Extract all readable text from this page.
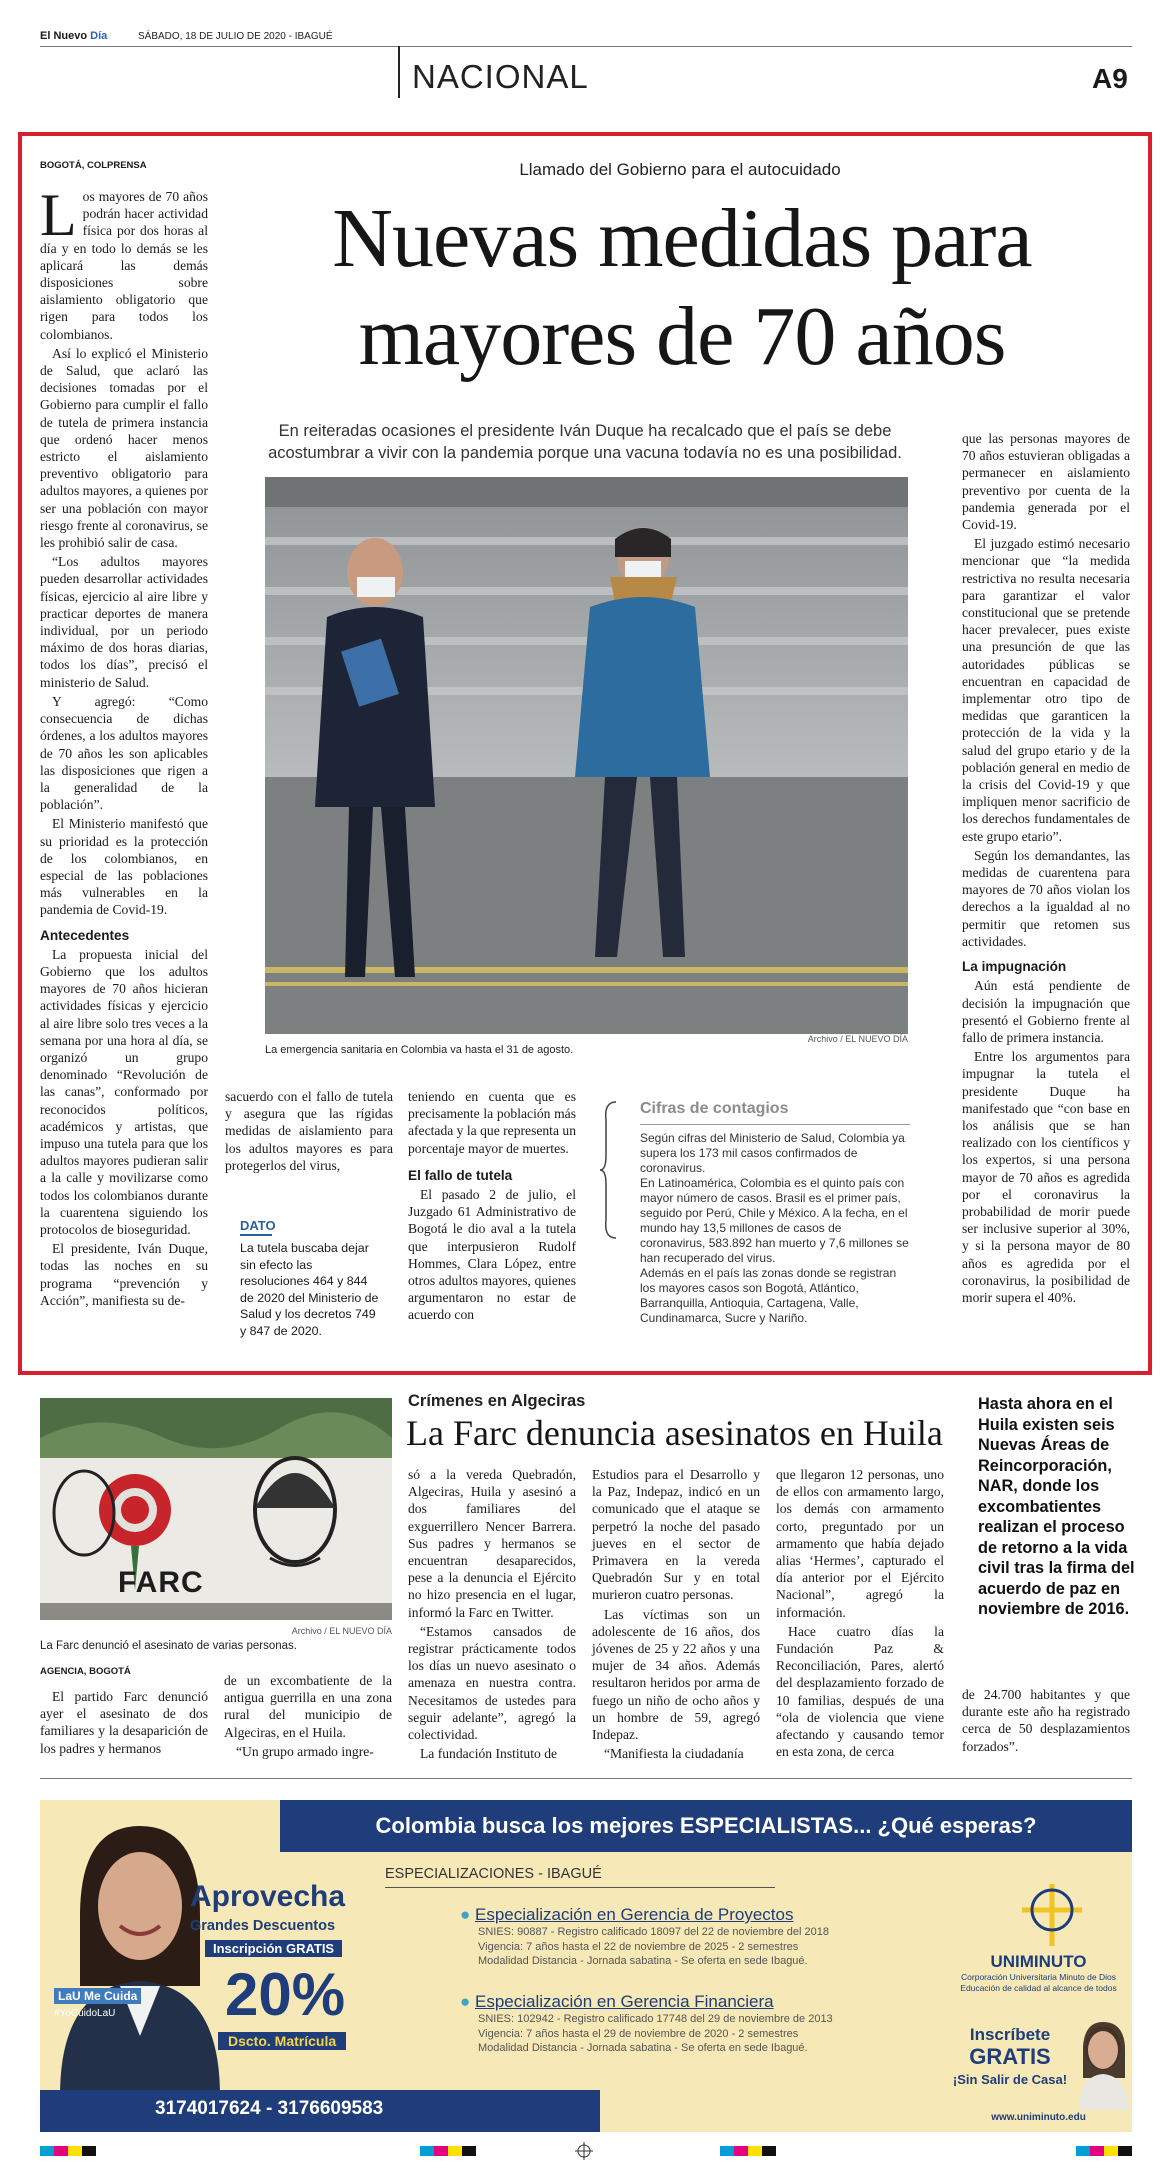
El Nuevo Día	SÁBADO, 18 DE JULIO DE 2020 - IBAGUÉ
NACIONAL	A9
BOGOTÁ, COLPRENSA	Llamado del Gobierno para el autocuidado
Nuevas medidas para
mayores de 70 años
En reiteradas ocasiones el presidente Iván Duque ha recalcado que el país se debe
acostumbrar a vivir con la pandemia porque una vacuna todavía no es una posibilidad.

Los mayores de 70 años podrán hacer actividad física por dos horas al día y en todo lo demás se les aplicará las demás disposiciones sobre aislamiento obligatorio que rigen para todos los colombianos.

Así lo explicó el Ministerio de Salud, que aclaró las decisiones tomadas por el Gobierno para cumplir el fallo de tutela de primera instancia que ordenó hacer menos estricto el aislamiento preventivo obligatorio para adultos mayores, a quienes por ser una población con mayor riesgo frente al coronavirus, se les prohibió salir de casa.

“Los adultos mayores pueden desarrollar actividades físicas, ejercicio al aire libre y practicar deportes de manera individual, por un periodo máximo de dos horas diarias, todos los días”, precisó el ministerio de Salud.

Y agregó: “Como consecuencia de dichas órdenes, a los adultos mayores de 70 años les son aplicables las disposiciones que rigen a la generalidad de la población”.

El Ministerio manifestó que su prioridad es la protección de los colombianos, en especial de las poblaciones más vulnerables en la pandemia de Covid-19.

Antecedentes

La propuesta inicial del Gobierno que los adultos mayores de 70 años hicieran actividades físicas y ejercicio al aire libre solo tres veces a la semana por una hora al día, se organizó un grupo denominado “Revolución de las canas”, conformado por reconocidos políticos, académicos y artistas, que impuso una tutela para que los adultos mayores pudieran salir a la calle y movilizarse como todos los colombianos durante la cuarentena siguiendo los protocolos de bioseguridad.

El presidente, Iván Duque, todas las noches en su programa “prevención y Acción”, manifiesta su de-

La emergencia sanitaria en Colombia va hasta el 31 de agosto.
Archivo / EL NUEVO DÍA

sacuerdo con el fallo de tutela y asegura que las rígidas medidas de aislamiento para los adultos mayores es para protegerlos del virus,

DATO
La tutela buscaba dejar sin efecto las resoluciones 464 y 844 de 2020 del Ministerio de Salud y los decretos 749 y 847 de 2020.

teniendo en cuenta que es precisamente la población más afectada y la que representa un porcentaje mayor de muertes.

El fallo de tutela

El pasado 2 de julio, el Juzgado 61 Administrativo de Bogotá le dio aval a la tutela que interpusieron Rudolf Hommes, Clara López, entre otros adultos mayores, quienes argumentaron no estar de acuerdo con

Cifras de contagios
Según cifras del Ministerio de Salud, Colombia ya supera los 173 mil casos confirmados de coronavirus.
En Latinoamérica, Colombia es el quinto país con mayor número de casos. Brasil es el primer país, seguido por Perú, Chile y México. A la fecha, en el mundo hay 13,5 millones de casos de coronavirus, 583.892 han muerto y 7,6 millones se han recuperado del virus.
Además en el país las zonas donde se registran los mayores casos son Bogotá, Atlántico, Barranquilla, Antioquia, Cartagena, Valle, Cundinamarca, Sucre y Nariño.

que las personas mayores de 70 años estuvieran obligadas a permanecer en aislamiento preventivo por cuenta de la pandemia generada por el Covid-19.

El juzgado estimó necesario mencionar que “la medida restrictiva no resulta necesaria para garantizar el valor constitucional que se pretende hacer prevalecer, pues existe una presunción de que las autoridades públicas se encuentran en capacidad de implementar otro tipo de medidas que garanticen la protección de la vida y la salud del grupo etario y de la población general en medio de la crisis del Covid-19 y que impliquen menor sacrificio de los derechos fundamentales de este grupo etario”.

Según los demandantes, las medidas de cuarentena para mayores de 70 años violan los derechos a la igualdad al no permitir que retomen sus actividades.

La impugnación

Aún está pendiente de decisión la impugnación que presentó el Gobierno frente al fallo de primera instancia.

Entre los argumentos para impugnar la tutela el presidente Duque ha manifestado que “con base en los análisis que se han realizado con los científicos y los expertos, si una persona mayor de 70 años es agredida por el coronavirus la probabilidad de morir puede ser inclusive superior al 30%, y si la persona mayor de 80 años es agredida por el coronavirus, la posibilidad de morir supera el 40%.

FARC
Archivo / EL NUEVO DÍA
La Farc denunció el asesinato de varias personas.
AGENCIA, BOGOTÁ
Crímenes en Algeciras
La Farc denuncia asesinatos en Huila

El partido Farc denunció ayer el asesinato de dos familiares y la desaparición de los padres y hermanos

de un excombatiente de la antigua guerrilla en una zona rural del municipio de Algeciras, en el Huila.

“Un grupo armado ingre-

só a la vereda Quebradón, Algeciras, Huila y asesinó a dos familiares del exguerrillero Nencer Barrera. Sus padres y hermanos se encuentran desaparecidos, pese a la denuncia el Ejército no hizo presencia en el lugar, informó la Farc en Twitter.

“Estamos cansados de registrar prácticamente todos los días un nuevo asesinato o amenaza en nuestra contra. Necesitamos de ustedes para seguir adelante”, agregó la colectividad.

La fundación Instituto de

Estudios para el Desarrollo y la Paz, Indepaz, indicó en un comunicado que el ataque se perpetró la noche del pasado jueves en el sector de Primavera en la vereda Quebradón Sur y en total murieron cuatro personas.

Las víctimas son un adolescente de 16 años, dos jóvenes de 25 y 22 años y una mujer de 34 años. Además resultaron heridos por arma de fuego un niño de ocho años y un hombre de 59, agregó Indepaz.

“Manifiesta la ciudadanía

que llegaron 12 personas, uno de ellos con armamento largo, los demás con armamento corto, preguntado por un armamento que había dejado alias ‘Hermes’, capturado el día anterior por el Ejército Nacional”, agregó la información.

Hace cuatro días la Fundación Paz & Reconciliación, Pares, alertó del desplazamiento forzado de 10 familias, después de una “ola de violencia que viene afectando y causando temor en esta zona, de cerca

Hasta ahora en el Huila existen seis Nuevas Áreas de Reincorporación, NAR, donde los excombatientes realizan el proceso de retorno a la vida civil tras la firma del acuerdo de paz en noviembre de 2016.

de 24.700 habitantes y que durante este año ha registrado cerca de 50 desplazamientos forzados”.

Colombia busca los mejores ESPECIALISTAS... ¿Qué esperas?
ESPECIALIZACIONES - IBAGUÉ
Aprovecha
Grandes Descuentos
Inscripción GRATIS
20%
Dscto. Matrícula
LaU Me Cuida
#YoCuidoLaU
3174017624 - 3176609583
● Especialización en Gerencia de Proyectos
SNIES: 90887 - Registro calificado 18097 del 22 de noviembre del 2018
Vigencia: 7 años hasta el 22 de noviembre de 2025 - 2 semestres
Modalidad Distancia - Jornada sabatina - Se oferta en sede Ibagué.
● Especialización en Gerencia Financiera
SNIES: 102942 - Registro calificado 17748 del 29 de noviembre de 2013
Vigencia: 7 años hasta el 29 de noviembre de 2020 - 2 semestres
Modalidad Distancia - Jornada sabatina - Se oferta en sede Ibagué.
UNIMINUTO
Corporación Universitaria Minuto de Dios
Educación de calidad al alcance de todos
Inscríbete
GRATIS
¡Sin Salir de Casa!
www.uniminuto.edu
